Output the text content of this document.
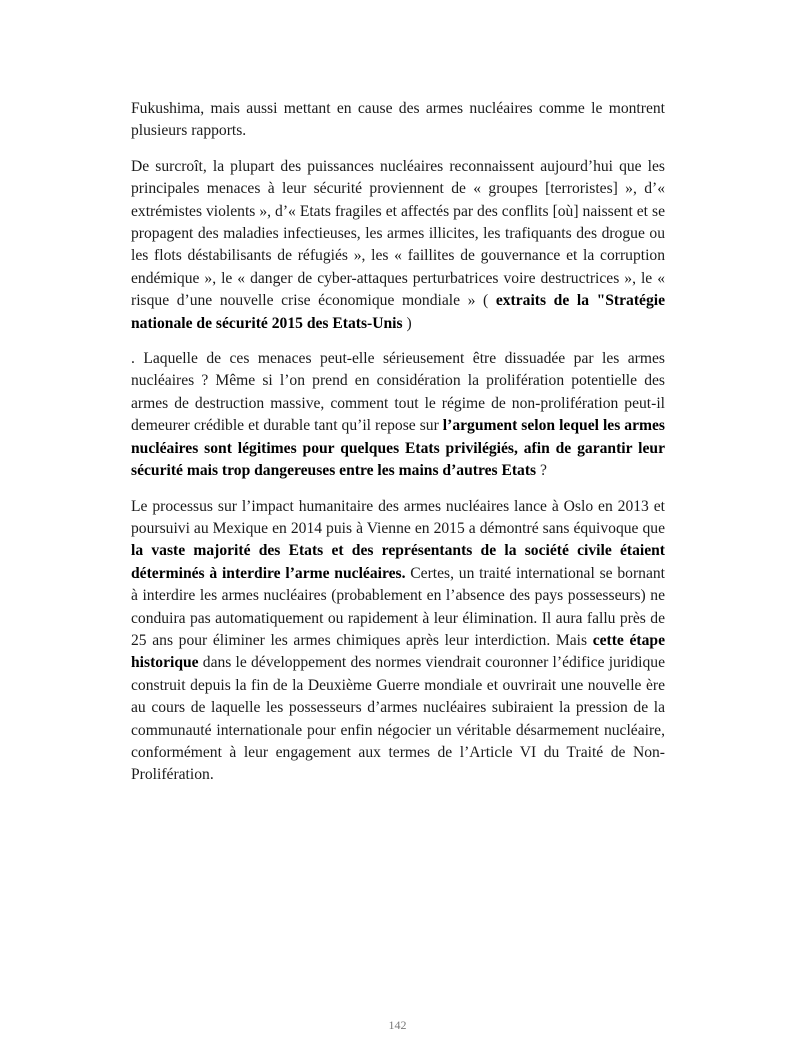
Fukushima, mais aussi mettant en cause des armes nucléaires comme le montrent plusieurs rapports.

De surcroît, la plupart des puissances nucléaires reconnaissent aujourd’hui que les principales menaces à leur sécurité proviennent de « groupes [terroristes] », d’« extrémistes violents », d’« Etats fragiles et affectés par des conflits [où] naissent et se propagent des maladies infectieuses, les armes illicites, les trafiquants des drogue ou les flots déstabilisants de réfugiés », les « faillites de gouvernance et la corruption endémique », le « danger de cyber-attaques perturbatrices voire destructrices », le « risque d’une nouvelle crise économique mondiale » ( extraits de la "Stratégie nationale de sécurité 2015 des Etats-Unis )

. Laquelle de ces menaces peut-elle sérieusement être dissuadée par les armes nucléaires ? Même si l’on prend en considération la prolifération potentielle des armes de destruction massive, comment tout le régime de non-prolifération peut-il demeurer crédible et durable tant qu’il repose sur l’argument selon lequel les armes nucléaires sont légitimes pour quelques Etats privilégiés, afin de garantir leur sécurité mais trop dangereuses entre les mains d’autres Etats ?

Le processus sur l’impact humanitaire des armes nucléaires lance à Oslo en 2013 et poursuivi au Mexique en 2014 puis à Vienne en 2015 a démontré sans équivoque que la vaste majorité des Etats et des représentants de la société civile étaient déterminés à interdire l’arme nucléaires. Certes, un traité international se bornant à interdire les armes nucléaires (probablement en l’absence des pays possesseurs) ne conduira pas automatiquement ou rapidement à leur élimination. Il aura fallu près de 25 ans pour éliminer les armes chimiques après leur interdiction. Mais cette étape historique dans le développement des normes viendrait couronner l’édifice juridique construit depuis la fin de la Deuxième Guerre mondiale et ouvrirait une nouvelle ère au cours de laquelle les possesseurs d’armes nucléaires subiraient la pression de la communauté internationale pour enfin négocier un véritable désarmement nucléaire, conformément à leur engagement aux termes de l’Article VI du Traité de Non-Prolifération.

142
